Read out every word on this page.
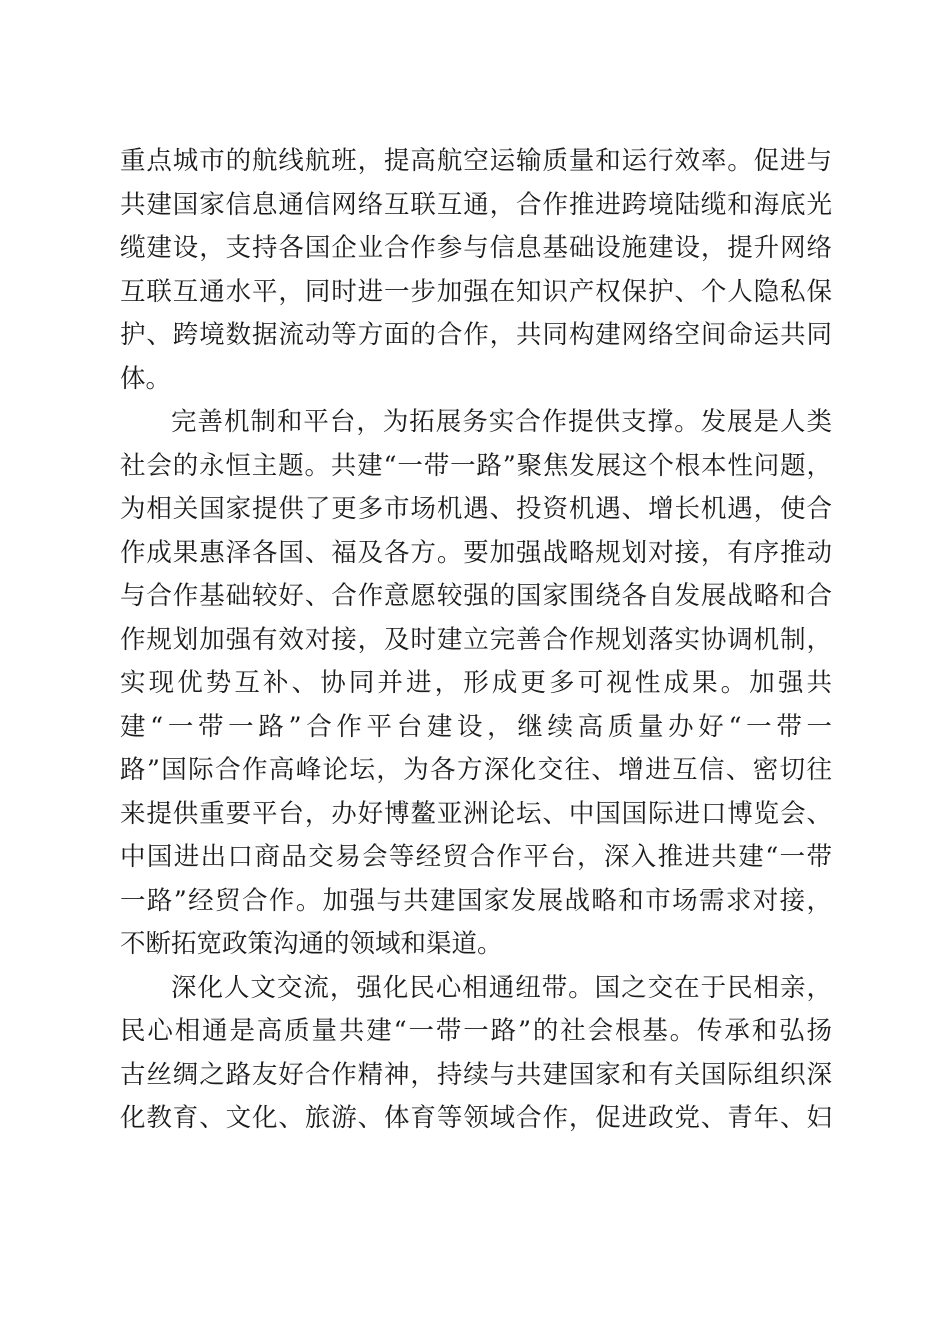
重点城市的航线航班，提高航空运输质量和运行效率。促进与
共建国家信息通信网络互联互通，合作推进跨境陆缆和海底光
缆建设，支持各国企业合作参与信息基础设施建设，提升网络
互联互通水平，同时进一步加强在知识产权保护、个人隐私保
护、跨境数据流动等方面的合作，共同构建网络空间命运共同
体。
完善机制和平台，为拓展务实合作提供支撑。发展是人类
社会的永恒主题。共建“一带一路”聚焦发展这个根本性问题，
为相关国家提供了更多市场机遇、投资机遇、增长机遇，使合
作成果惠泽各国、福及各方。要加强战略规划对接，有序推动
与合作基础较好、合作意愿较强的国家围绕各自发展战略和合
作规划加强有效对接，及时建立完善合作规划落实协调机制，
实现优势互补、协同并进，形成更多可视性成果。加强共
建“一带一路”合作平台建设，继续高质量办好“一带一
路”国际合作高峰论坛，为各方深化交往、增进互信、密切往
来提供重要平台，办好博鳌亚洲论坛、中国国际进口博览会、
中国进出口商品交易会等经贸合作平台，深入推进共建“一带
一路”经贸合作。加强与共建国家发展战略和市场需求对接，
不断拓宽政策沟通的领域和渠道。
深化人文交流，强化民心相通纽带。国之交在于民相亲，
民心相通是高质量共建“一带一路”的社会根基。传承和弘扬
古丝绸之路友好合作精神，持续与共建国家和有关国际组织深
化教育、文化、旅游、体育等领域合作，促进政党、青年、妇
